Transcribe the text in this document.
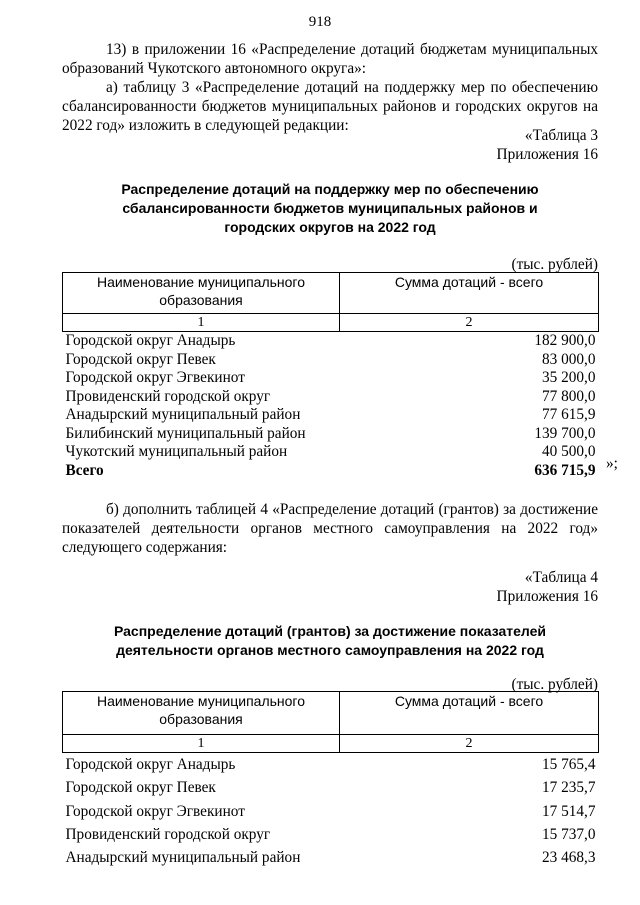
918
13) в приложении 16 «Распределение дотаций бюджетам муниципальных образований Чукотского автономного округа»:
а) таблицу 3 «Распределение дотаций на поддержку мер по обеспечению сбалансированности бюджетов муниципальных районов и городских округов на 2022 год» изложить в следующей редакции:
«Таблица 3
Приложения 16
Распределение дотаций на поддержку мер по обеспечению сбалансированности бюджетов муниципальных районов и городских округов на 2022 год
(тыс. рублей)
Наименование муниципального образования	Сумма дотаций - всего
1	2
Городской округ Анадырь	182 900,0
Городской округ Певек	83 000,0
Городской округ Эгвекинот	35 200,0
Провиденский городской округ	77 800,0
Анадырский муниципальный район	77 615,9
Билибинский муниципальный район	139 700,0
Чукотский муниципальный район	40 500,0
Всего	636 715,9 »;
б) дополнить таблицей 4 «Распределение дотаций (грантов) за достижение показателей деятельности органов местного самоуправления на 2022 год» следующего содержания:
«Таблица 4
Приложения 16
Распределение дотаций (грантов) за достижение показателей деятельности органов местного самоуправления на 2022 год
(тыс. рублей)
Наименование муниципального образования	Сумма дотаций - всего
1	2
Городской округ Анадырь	15 765,4
Городской округ Певек	17 235,7
Городской округ Эгвекинот	17 514,7
Провиденский городской округ	15 737,0
Анадырский муниципальный район	23 468,3
